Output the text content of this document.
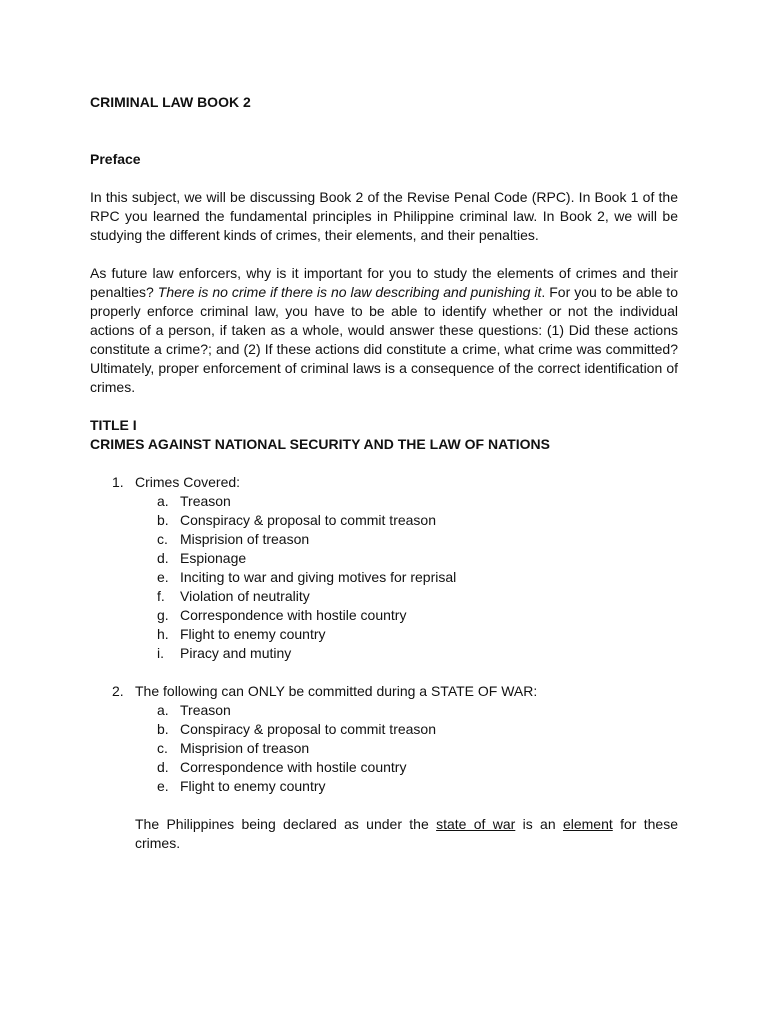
CRIMINAL LAW BOOK 2

Preface

In this subject, we will be discussing Book 2 of the Revise Penal Code (RPC). In Book 1 of the RPC you learned the fundamental principles in Philippine criminal law. In Book 2, we will be studying the different kinds of crimes, their elements, and their penalties.

As future law enforcers, why is it important for you to study the elements of crimes and their penalties? There is no crime if there is no law describing and punishing it. For you to be able to properly enforce criminal law, you have to be able to identify whether or not the individual actions of a person, if taken as a whole, would answer these questions: (1) Did these actions constitute a crime?; and (2) If these actions did constitute a crime, what crime was committed? Ultimately, proper enforcement of criminal laws is a consequence of the correct identification of crimes.

TITLE I
CRIMES AGAINST NATIONAL SECURITY AND THE LAW OF NATIONS
1. Crimes Covered:
a. Treason
b. Conspiracy & proposal to commit treason
c. Misprision of treason
d. Espionage
e. Inciting to war and giving motives for reprisal
f. Violation of neutrality
g. Correspondence with hostile country
h. Flight to enemy country
i. Piracy and mutiny
2. The following can ONLY be committed during a STATE OF WAR:
a. Treason
b. Conspiracy & proposal to commit treason
c. Misprision of treason
d. Correspondence with hostile country
e. Flight to enemy country

The Philippines being declared as under the state of war is an element for these crimes.
